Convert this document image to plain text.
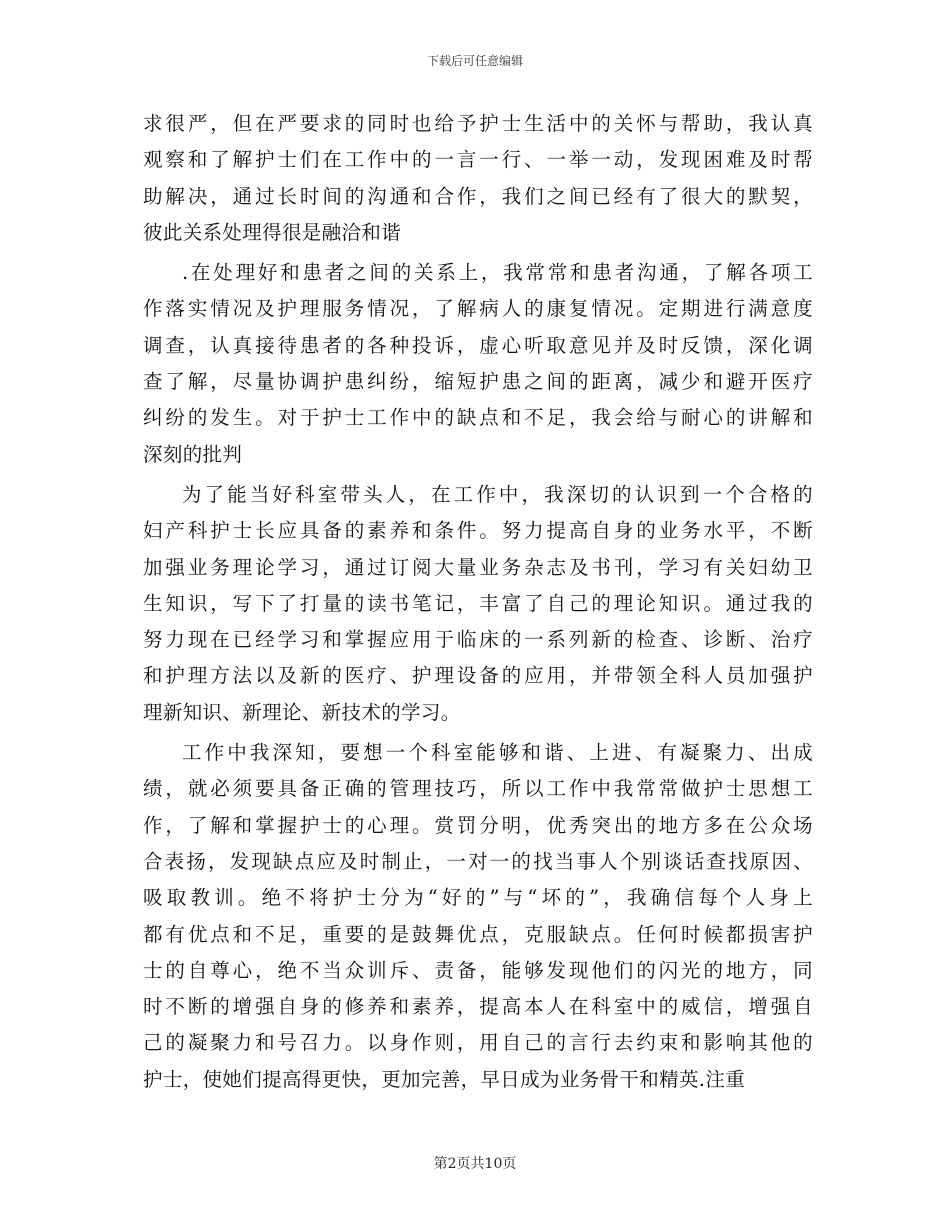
下载后可任意编辑
求很严，但在严要求的同时也给予护士生活中的关怀与帮助，我认真
观察和了解护士们在工作中的一言一行、一举一动，发现困难及时帮
助解决，通过长时间的沟通和合作，我们之间已经有了很大的默契，
彼此关系处理得很是融洽和谐
.在处理好和患者之间的关系上，我常常和患者沟通，了解各项工
作落实情况及护理服务情况，了解病人的康复情况。定期进行满意度
调查，认真接待患者的各种投诉，虚心听取意见并及时反馈，深化调
查了解，尽量协调护患纠纷，缩短护患之间的距离，减少和避开医疗
纠纷的发生。对于护士工作中的缺点和不足，我会给与耐心的讲解和
深刻的批判
为了能当好科室带头人，在工作中，我深切的认识到一个合格的
妇产科护士长应具备的素养和条件。努力提高自身的业务水平，不断
加强业务理论学习，通过订阅大量业务杂志及书刊，学习有关妇幼卫
生知识，写下了打量的读书笔记，丰富了自己的理论知识。通过我的
努力现在已经学习和掌握应用于临床的一系列新的检查、诊断、治疗
和护理方法以及新的医疗、护理设备的应用，并带领全科人员加强护
理新知识、新理论、新技术的学习。
工作中我深知，要想一个科室能够和谐、上进、有凝聚力、出成
绩，就必须要具备正确的管理技巧，所以工作中我常常做护士思想工
作，了解和掌握护士的心理。赏罚分明，优秀突出的地方多在公众场
合表扬，发现缺点应及时制止，一对一的找当事人个别谈话查找原因、
吸取教训。绝不将护士分为“好的”与“坏的”，我确信每个人身上
都有优点和不足，重要的是鼓舞优点，克服缺点。任何时候都损害护
士的自尊心，绝不当众训斥、责备，能够发现他们的闪光的地方，同
时不断的增强自身的修养和素养，提高本人在科室中的威信，增强自
己的凝聚力和号召力。以身作则，用自己的言行去约束和影响其他的
护士，使她们提高得更快，更加完善，早日成为业务骨干和精英.注重
第2页共10页
